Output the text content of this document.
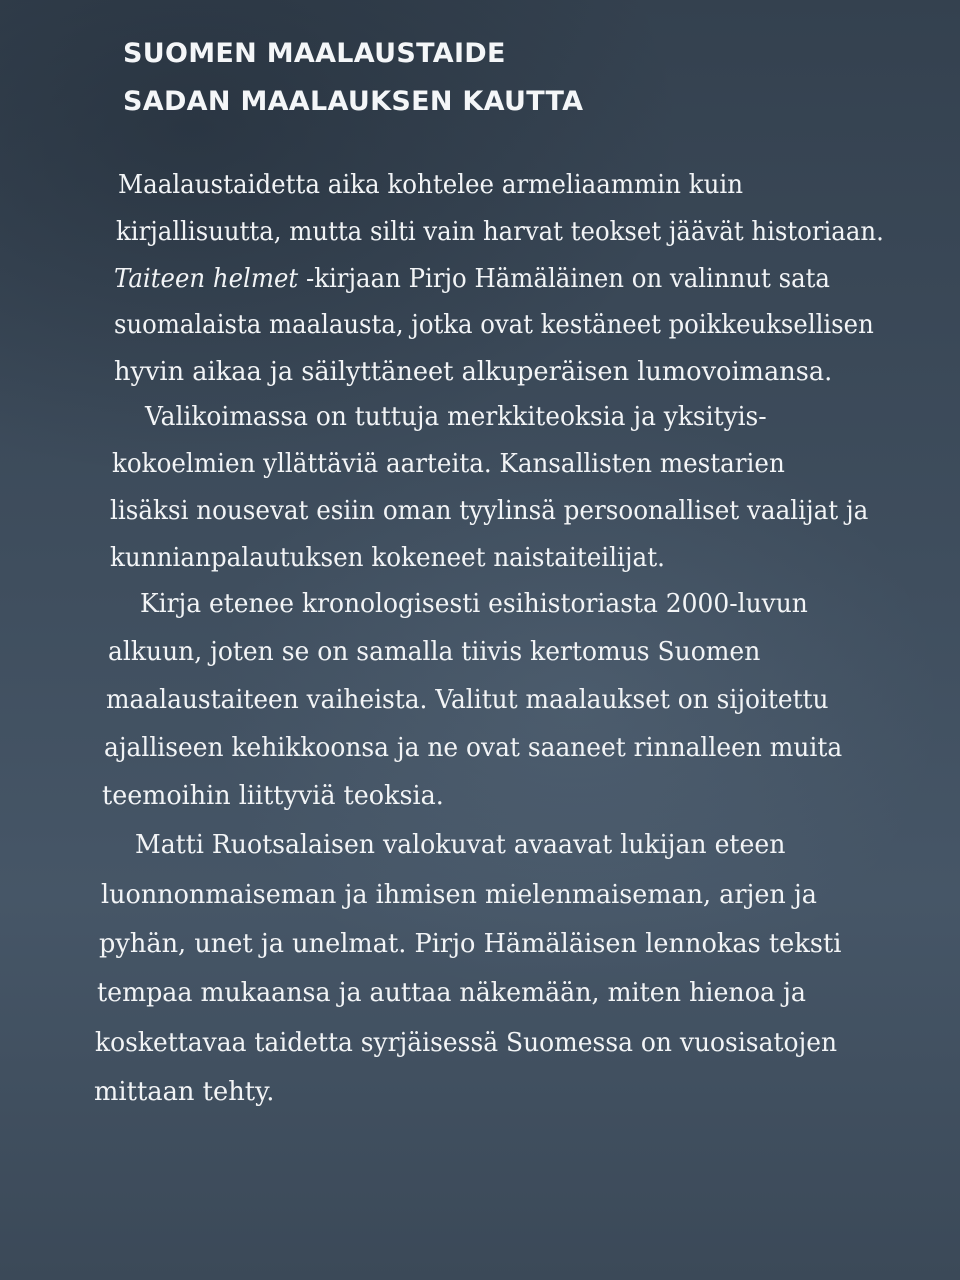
SUOMEN MAALAUSTAIDE
SADAN MAALAUKSEN KAUTTA

Maalaustaidetta aika kohtelee armeliaammin kuin

kirjallisuutta, mutta silti vain harvat teokset jäävät historiaan.

Taiteen helmet -kirjaan Pirjo Hämäläinen on valinnut sata

suomalaista maalausta, jotka ovat kestäneet poikkeuksellisen

hyvin aikaa ja säilyttäneet alkuperäisen lumovoimansa.

Valikoimassa on tuttuja merkkiteoksia ja yksityis-

kokoelmien yllättäviä aarteita. Kansallisten mestarien

lisäksi nousevat esiin oman tyylinsä persoonalliset vaalijat ja

kunnianpalautuksen kokeneet naistaiteilijat.

Kirja etenee kronologisesti esihistoriasta 2000-luvun

alkuun, joten se on samalla tiivis kertomus Suomen

maalaustaiteen vaiheista. Valitut maalaukset on sijoitettu

ajalliseen kehikkoonsa ja ne ovat saaneet rinnalleen muita

teemoihin liittyviä teoksia.

Matti Ruotsalaisen valokuvat avaavat lukijan eteen

luonnonmaiseman ja ihmisen mielenmaiseman, arjen ja

pyhän, unet ja unelmat. Pirjo Hämäläisen lennokas teksti

tempaa mukaansa ja auttaa näkemään, miten hienoa ja

koskettavaa taidetta syrjäisessä Suomessa on vuosisatojen

mittaan tehty.
